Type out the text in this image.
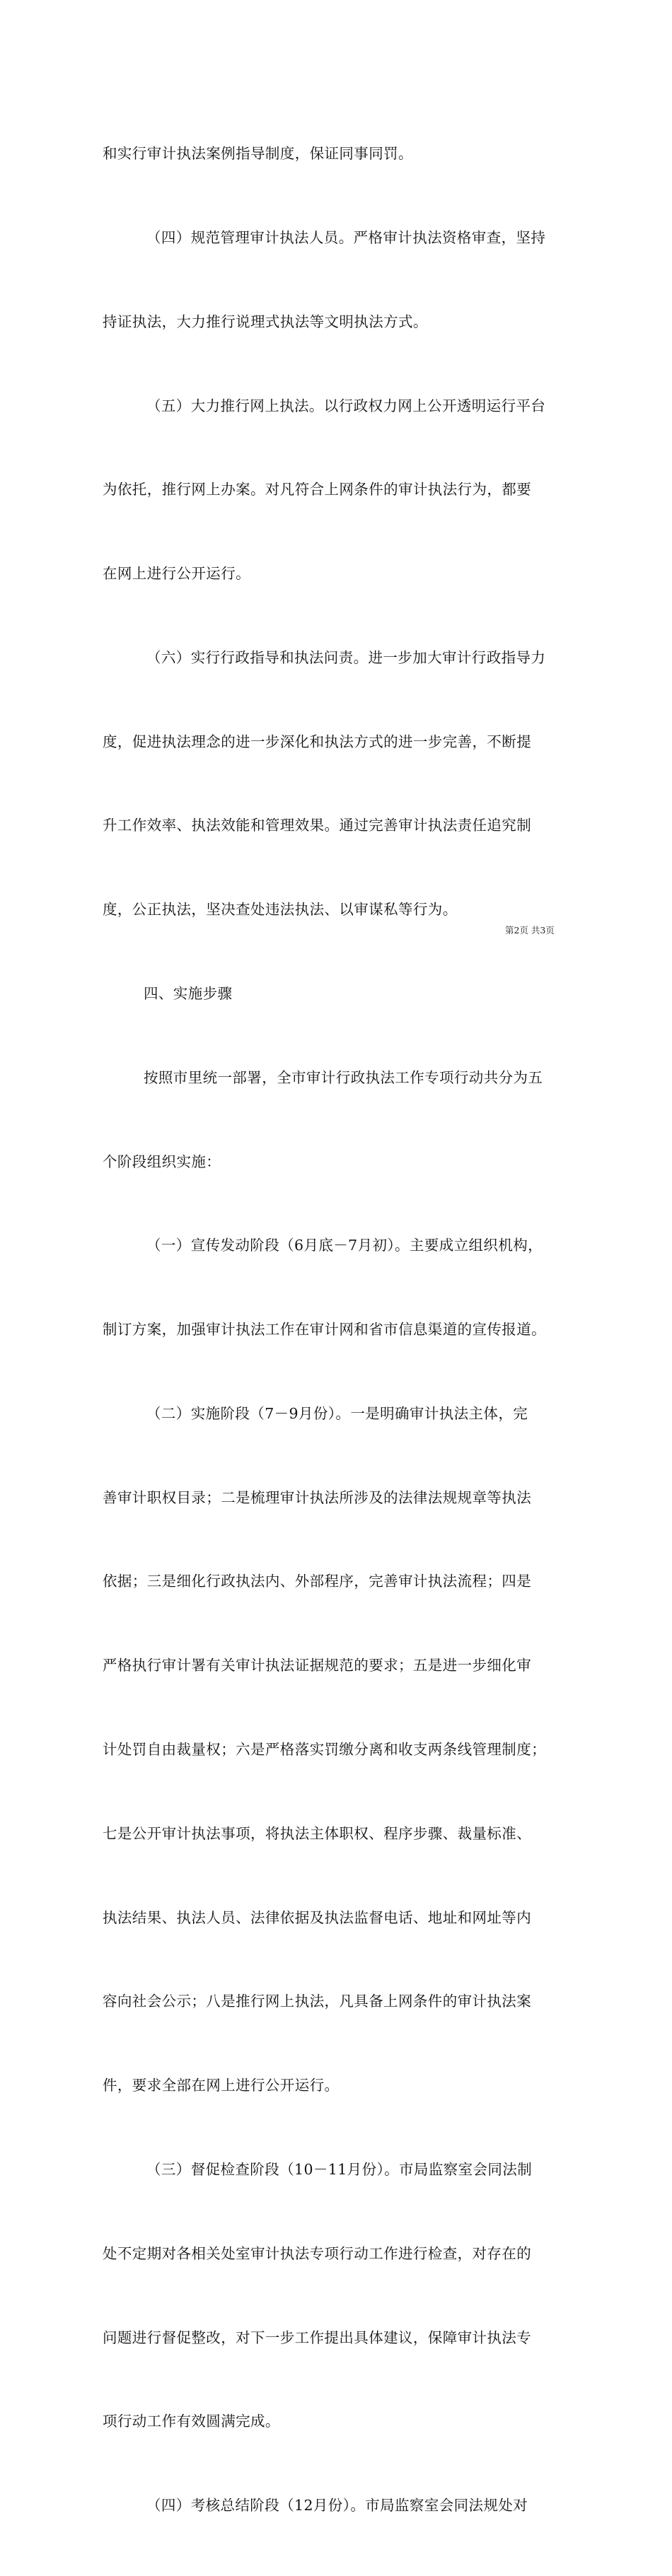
和实行审计执法案例指导制度，保证同事同罚。

（四）规范管理审计执法人员。严格审计执法资格审查，坚持

持证执法，大力推行说理式执法等文明执法方式。

（五）大力推行网上执法。以行政权力网上公开透明运行平台

为依托，推行网上办案。对凡符合上网条件的审计执法行为，都要

在网上进行公开运行。

（六）实行行政指导和执法问责。进一步加大审计行政指导力

度，促进执法理念的进一步深化和执法方式的进一步完善，不断提

升工作效率、执法效能和管理效果。通过完善审计执法责任追究制

度，公正执法，坚决查处违法执法、以审谋私等行为。

四、实施步骤

按照市里统一部署，全市审计行政执法工作专项行动共分为五

个阶段组织实施：

（一）宣传发动阶段（6月底－7月初）。主要成立组织机构，

制订方案，加强审计执法工作在审计网和省市信息渠道的宣传报道。

（二）实施阶段（7－9月份）。一是明确审计执法主体，完

善审计职权目录；二是梳理审计执法所涉及的法律法规规章等执法

依据；三是细化行政执法内、外部程序，完善审计执法流程；四是

严格执行审计署有关审计执法证据规范的要求；五是进一步细化审

计处罚自由裁量权；六是严格落实罚缴分离和收支两条线管理制度；

七是公开审计执法事项，将执法主体职权、程序步骤、裁量标准、

执法结果、执法人员、法律依据及执法监督电话、地址和网址等内

容向社会公示；八是推行网上执法，凡具备上网条件的审计执法案

件，要求全部在网上进行公开运行。

（三）督促检查阶段（10－11月份）。市局监察室会同法制

处不定期对各相关处室审计执法专项行动工作进行检查，对存在的

问题进行督促整改，对下一步工作提出具体建议，保障审计执法专

项行动工作有效圆满完成。

（四）考核总结阶段（12月份）。市局监察室会同法规处对

第2页 共3页
